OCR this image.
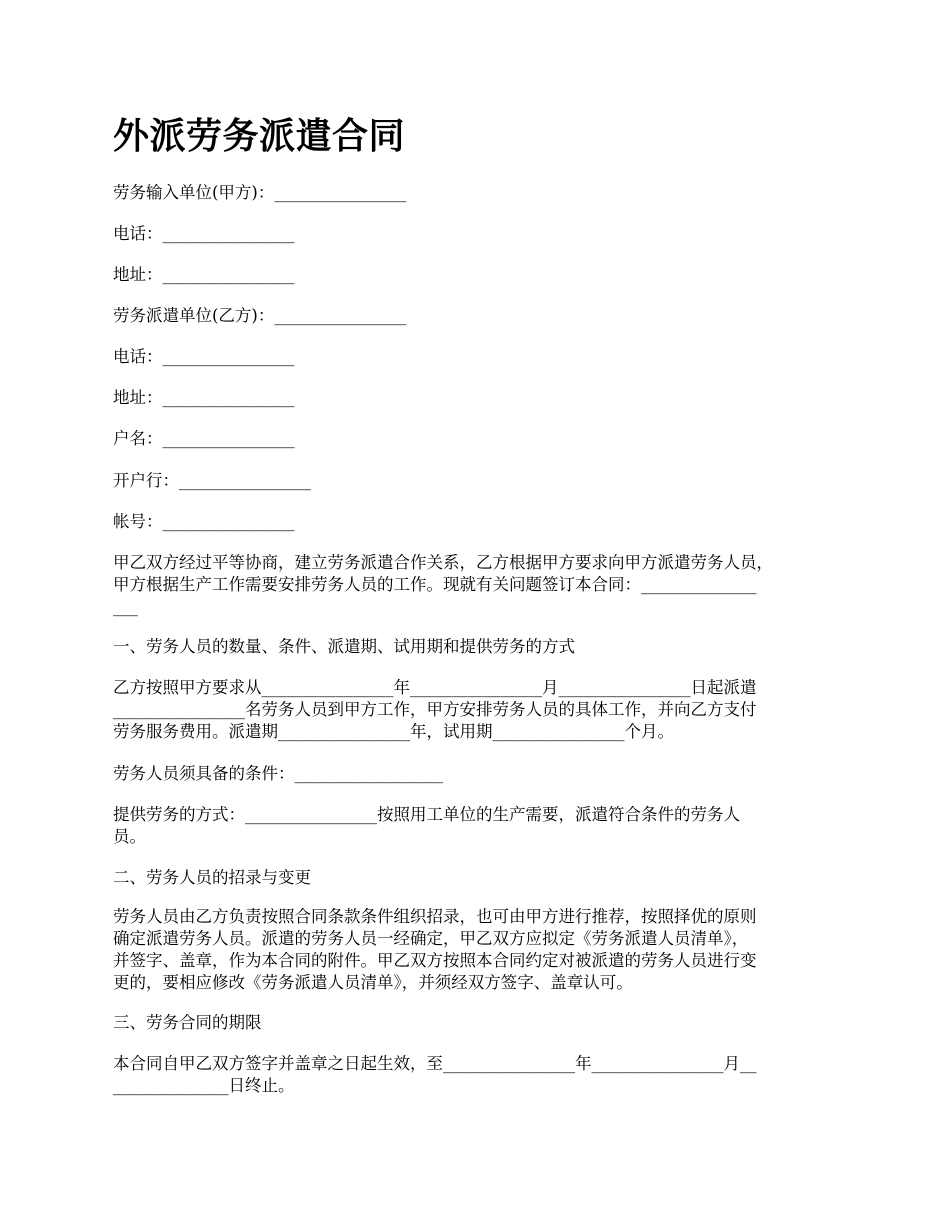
外派劳务派遣合同
劳务输入单位(甲方)：________________
电话：________________
地址：________________
劳务派遣单位(乙方)：________________
电话：________________
地址：________________
户名：________________
开户行：________________
帐号：________________
甲乙双方经过平等协商，建立劳务派遣合作关系，乙方根据甲方要求向甲方派遣劳务人员，
甲方根据生产工作需要安排劳务人员的工作。现就有关问题签订本合同：______________
___
一、劳务人员的数量、条件、派遣期、试用期和提供劳务的方式
乙方按照甲方要求从________________年________________月________________日起派遣
________________名劳务人员到甲方工作，甲方安排劳务人员的具体工作，并向乙方支付
劳务服务费用。派遣期________________年，试用期________________个月。
劳务人员须具备的条件：__________________
提供劳务的方式：________________按照用工单位的生产需要，派遣符合条件的劳务人
员。
二、劳务人员的招录与变更
劳务人员由乙方负责按照合同条款条件组织招录，也可由甲方进行推荐，按照择优的原则
确定派遣劳务人员。派遣的劳务人员一经确定，甲乙双方应拟定《劳务派遣人员清单》，
并签字、盖章，作为本合同的附件。甲乙双方按照本合同约定对被派遣的劳务人员进行变
更的，要相应修改《劳务派遣人员清单》，并须经双方签字、盖章认可。
三、劳务合同的期限
本合同自甲乙双方签字并盖章之日起生效，至________________年________________月__
______________日终止。
